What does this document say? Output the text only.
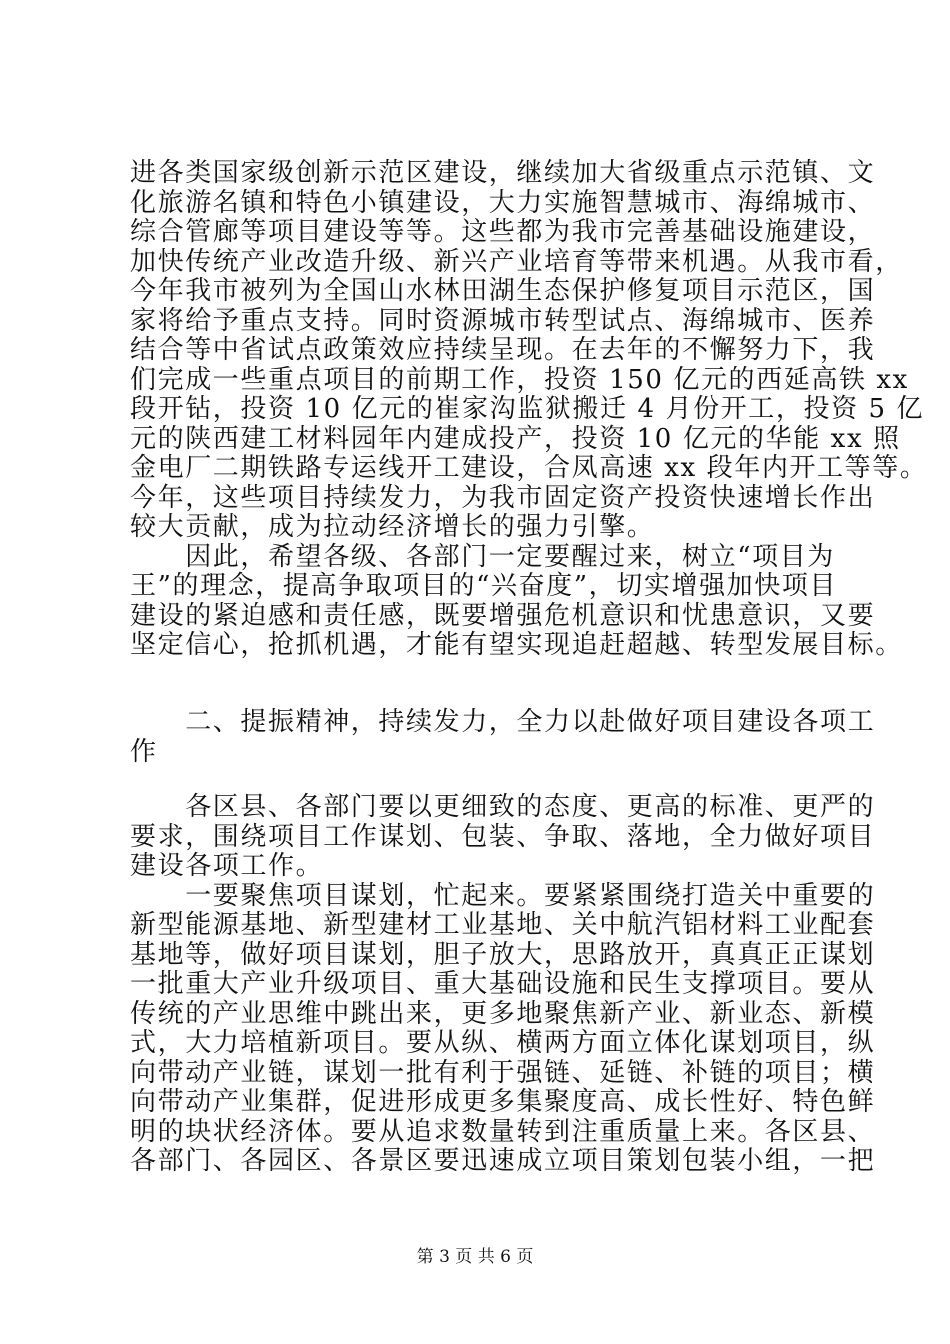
进各类国家级创新示范区建设，继续加大省级重点示范镇、文
化旅游名镇和特色小镇建设，大力实施智慧城市、海绵城市、
综合管廊等项目建设等等。这些都为我市完善基础设施建设，
加快传统产业改造升级、新兴产业培育等带来机遇。从我市看，
今年我市被列为全国山水林田湖生态保护修复项目示范区，国
家将给予重点支持。同时资源城市转型试点、海绵城市、医养
结合等中省试点政策效应持续呈现。在去年的不懈努力下，我
们完成一些重点项目的前期工作，投资 150 亿元的西延高铁 xx
段开钻，投资 10 亿元的崔家沟监狱搬迁 4 月份开工，投资 5 亿
元的陕西建工材料园年内建成投产，投资 10 亿元的华能 xx 照
金电厂二期铁路专运线开工建设，合凤高速 xx 段年内开工等等。
今年，这些项目持续发力，为我市固定资产投资快速增长作出
较大贡献，成为拉动经济增长的强力引擎。
　　因此，希望各级、各部门一定要醒过来，树立“项目为
王”的理念，提高争取项目的“兴奋度”，切实增强加快项目
建设的紧迫感和责任感，既要增强危机意识和忧患意识，又要
坚定信心，抢抓机遇，才能有望实现追赶超越、转型发展目标。
　　二、提振精神，持续发力，全力以赴做好项目建设各项工
作
　　各区县、各部门要以更细致的态度、更高的标准、更严的
要求，围绕项目工作谋划、包装、争取、落地，全力做好项目
建设各项工作。
　　一要聚焦项目谋划，忙起来。要紧紧围绕打造关中重要的
新型能源基地、新型建材工业基地、关中航汽铝材料工业配套
基地等，做好项目谋划，胆子放大，思路放开，真真正正谋划
一批重大产业升级项目、重大基础设施和民生支撑项目。要从
传统的产业思维中跳出来，更多地聚焦新产业、新业态、新模
式，大力培植新项目。要从纵、横两方面立体化谋划项目，纵
向带动产业链，谋划一批有利于强链、延链、补链的项目；横
向带动产业集群，促进形成更多集聚度高、成长性好、特色鲜
明的块状经济体。要从追求数量转到注重质量上来。各区县、
各部门、各园区、各景区要迅速成立项目策划包装小组，一把
第 3 页 共 6 页
